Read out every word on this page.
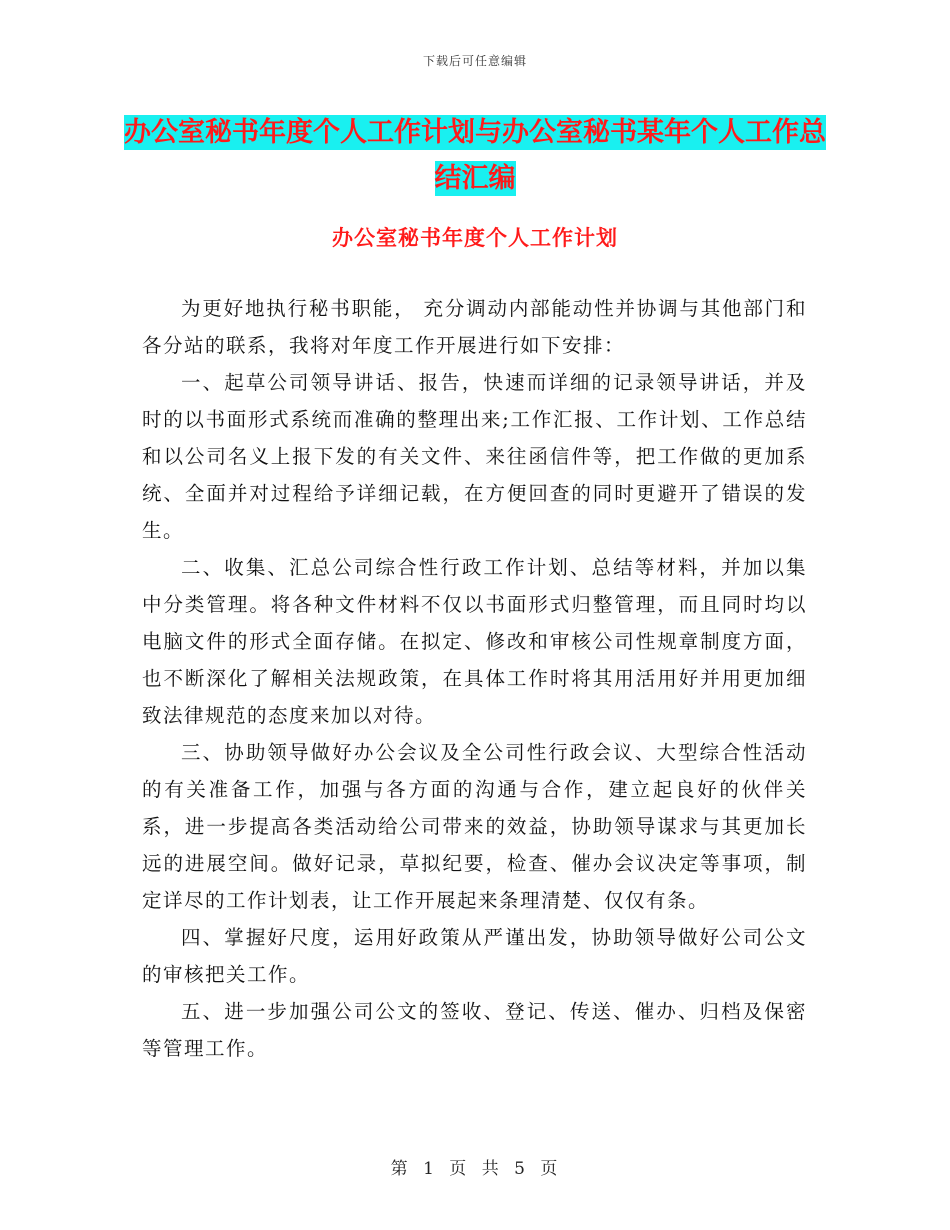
下载后可任意编辑
办公室秘书年度个人工作计划与办公室秘书某年个人工作总结汇编
办公室秘书年度个人工作计划

为更好地执行秘书职能， 充分调动内部能动性并协调与其他部门和各分站的联系，我将对年度工作开展进行如下安排：

一、起草公司领导讲话、报告，快速而详细的记录领导讲话，并及时的以书面形式系统而准确的整理出来;工作汇报、工作计划、工作总结和以公司名义上报下发的有关文件、来往函信件等，把工作做的更加系统、全面并对过程给予详细记载，在方便回查的同时更避开了错误的发生。

二、收集、汇总公司综合性行政工作计划、总结等材料，并加以集中分类管理。将各种文件材料不仅以书面形式归整管理，而且同时均以电脑文件的形式全面存储。在拟定、修改和审核公司性规章制度方面，也不断深化了解相关法规政策，在具体工作时将其用活用好并用更加细致法律规范的态度来加以对待。

三、协助领导做好办公会议及全公司性行政会议、大型综合性活动的有关准备工作，加强与各方面的沟通与合作，建立起良好的伙伴关系，进一步提高各类活动给公司带来的效益，协助领导谋求与其更加长远的进展空间。做好记录，草拟纪要，检查、催办会议决定等事项，制定详尽的工作计划表，让工作开展起来条理清楚、仅仅有条。

四、掌握好尺度，运用好政策从严谨出发，协助领导做好公司公文的审核把关工作。

五、进一步加强公司公文的签收、登记、传送、催办、归档及保密等管理工作。

第 1 页 共 5 页
